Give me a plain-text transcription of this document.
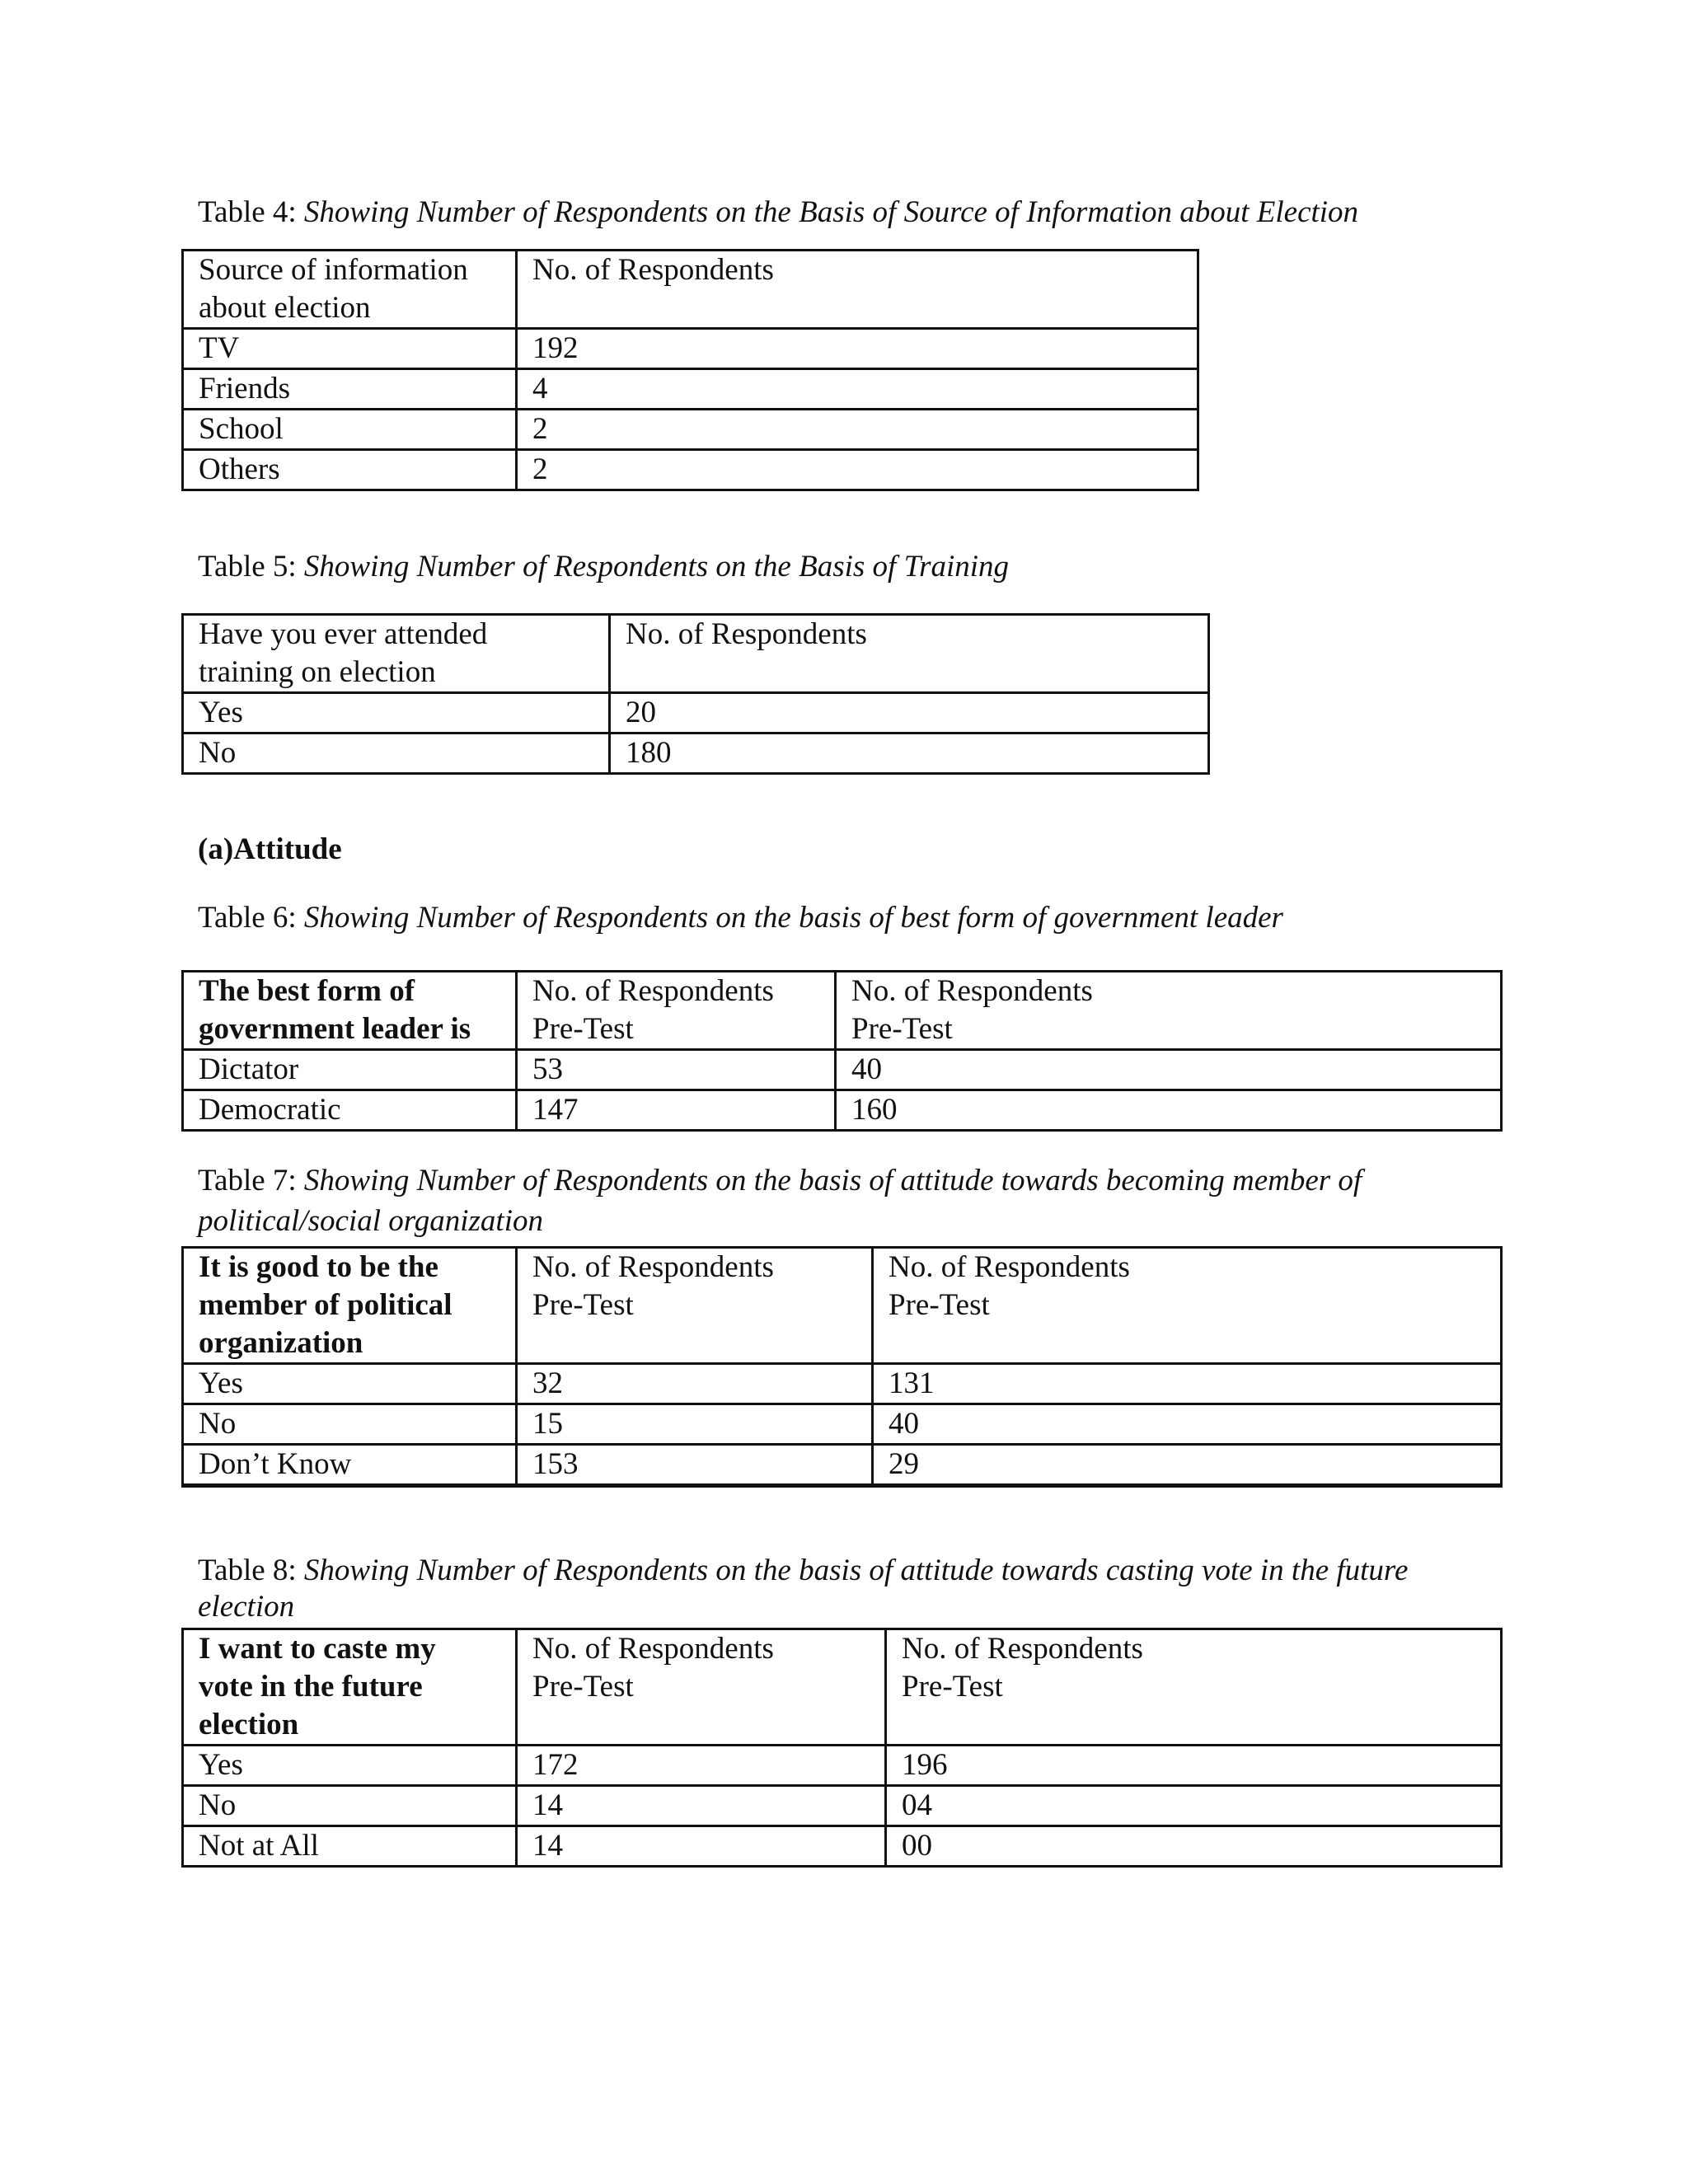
Table 4: Showing Number of Respondents on the Basis of Source of Information about Election

Source of information about election	No. of Respondents
TV	192
Friends	4
School	2
Others	2

Table 5: Showing Number of Respondents on the Basis of Training

Have you ever attended training on election	No. of Respondents
Yes	20
No	180

(a)Attitude

Table 6: Showing Number of Respondents on the basis of best form of government leader

The best form of government leader is	No. of Respondents Pre-Test	No. of Respondents Pre-Test
Dictator	53	40
Democratic	147	160

Table 7: Showing Number of Respondents on the basis of attitude towards becoming member of political/social organization

It is good to be the member of political organization	No. of Respondents Pre-Test	No. of Respondents Pre-Test
Yes	32	131
No	15	40
Don’t Know	153	29

Table 8: Showing Number of Respondents on the basis of attitude towards casting vote in the future election

I want to caste my vote in the future election	No. of Respondents Pre-Test	No. of Respondents Pre-Test
Yes	172	196
No	14	04
Not at All	14	00
